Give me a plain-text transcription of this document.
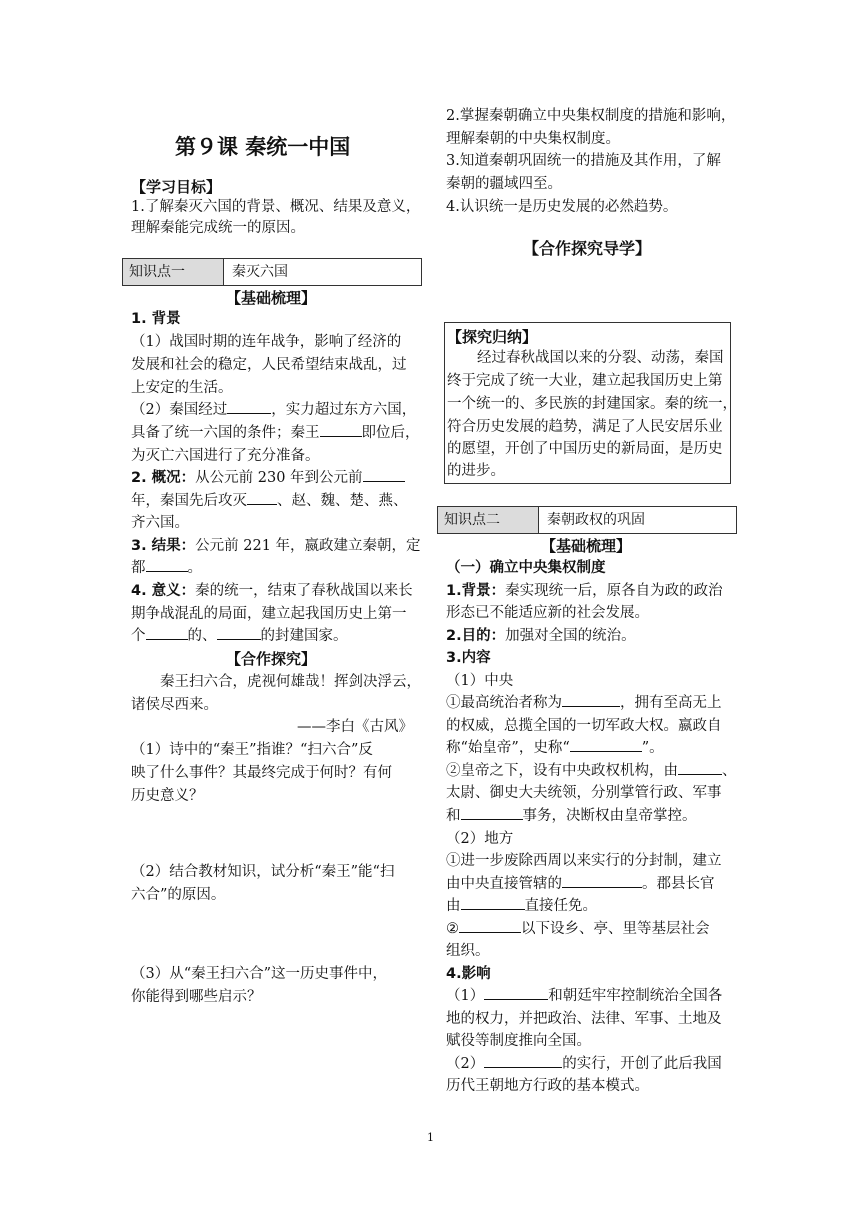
第９课 秦统一中国
【学习目标】
1.了解秦灭六国的背景、概况、结果及意义，
理解秦能完成统一的原因。
知识点一	秦灭六国
【基础梳理】
1. 背景
（1）战国时期的连年战争，影响了经济的
发展和社会的稳定，人民希望结束战乱，过
上安定的生活。
（2）秦国经过	，实力超过东方六国，
具备了统一六国的条件；秦王	即位后，
为灭亡六国进行了充分准备。
2. 概况：从公元前 230 年到公元前
年，秦国先后攻灭 、赵、魏、楚、燕、
齐六国。
3. 结果：公元前 221 年，嬴政建立秦朝，定
都	。
4. 意义：秦的统一，结束了春秋战国以来长
期争战混乱的局面，建立起我国历史上第一
个	的、	的封建国家。
【合作探究】
秦王扫六合，虎视何雄哉！挥剑决浮云，
诸侯尽西来。
——李白《古风》
（1）诗中的“秦王”指谁？“扫六合”反
映了什么事件？其最终完成于何时？有何
历史意义？
（2）结合教材知识，试分析“秦王”能“扫
六合”的原因。
（3）从“秦王扫六合”这一历史事件中，
你能得到哪些启示？
2.掌握秦朝确立中央集权制度的措施和影响，
理解秦朝的中央集权制度。
3.知道秦朝巩固统一的措施及其作用，了解
秦朝的疆域四至。
4.认识统一是历史发展的必然趋势。
【合作探究导学】
【探究归纳】
经过春秋战国以来的分裂、动荡，秦国
终于完成了统一大业，建立起我国历史上第
一个统一的、多民族的封建国家。秦的统一，
符合历史发展的趋势，满足了人民安居乐业
的愿望，开创了中国历史的新局面，是历史
的进步。
知识点二	秦朝政权的巩固
【基础梳理】
（一）确立中央集权制度
1.背景：秦实现统一后，原各自为政的政治
形态已不能适应新的社会发展。
2.目的：加强对全国的统治。
3.内容
（1）中央
①最高统治者称为	，拥有至高无上
的权威，总揽全国的一切军政大权。嬴政自
称“始皇帝”，史称“	”。
②皇帝之下，设有中央政权机构，由	、
太尉、御史大夫统领，分别掌管行政、军事
和	事务，决断权由皇帝掌控。
（2）地方
①进一步废除西周以来实行的分封制，建立
由中央直接管辖的	。郡县长官
由	直接任免。
②	以下设乡、亭、里等基层社会
组织。
4.影响
（1）	和朝廷牢牢控制统治全国各
地的权力，并把政治、法律、军事、土地及
赋役等制度推向全国。
（2）	的实行，开创了此后我国
历代王朝地方行政的基本模式。
1
